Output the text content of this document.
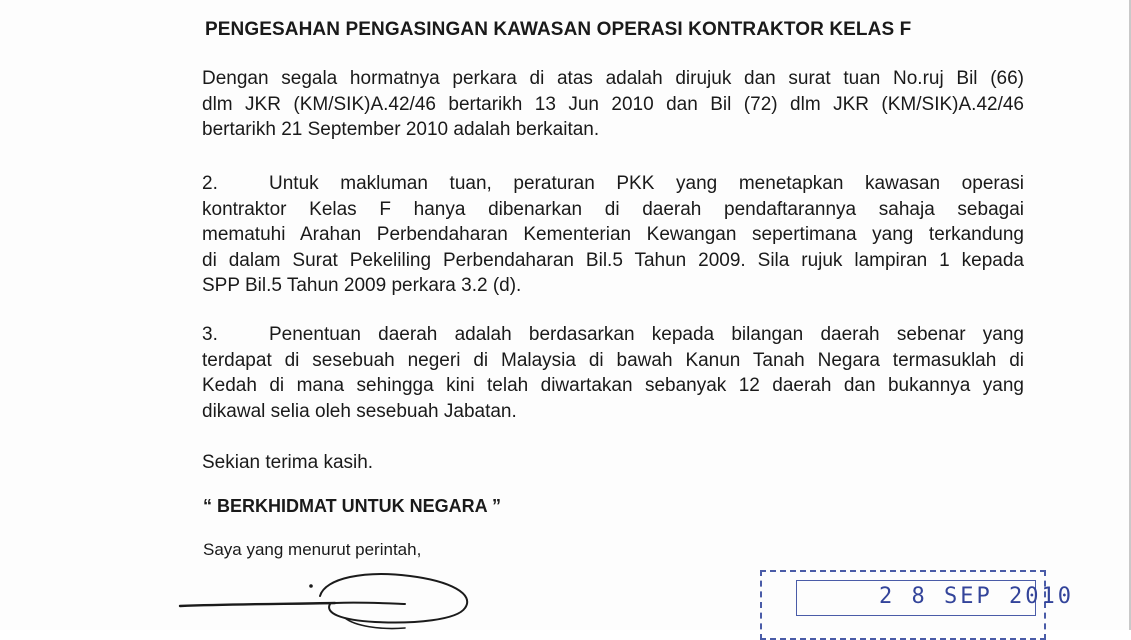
PENGESAHAN PENGASINGAN KAWASAN OPERASI KONTRAKTOR KELAS F
Dengan segala hormatnya perkara di atas adalah dirujuk dan surat tuan No.ruj Bil (66)
dlm JKR (KM/SIK)A.42/46 bertarikh 13 Jun 2010 dan Bil (72) dlm JKR (KM/SIK)A.42/46
bertarikh 21 September 2010 adalah berkaitan.
2.	Untuk makluman tuan, peraturan PKK yang menetapkan kawasan operasi
kontraktor Kelas F hanya dibenarkan di daerah pendaftarannya sahaja sebagai
mematuhi Arahan Perbendaharan Kementerian Kewangan sepertimana yang terkandung
di dalam Surat Pekeliling Perbendaharan Bil.5 Tahun 2009. Sila rujuk lampiran 1 kepada
SPP Bil.5 Tahun 2009 perkara 3.2 (d).
3.	Penentuan daerah adalah berdasarkan kepada bilangan daerah sebenar yang
terdapat di sesebuah negeri di Malaysia di bawah Kanun Tanah Negara termasuklah di
Kedah di mana sehingga kini telah diwartakan sebanyak 12 daerah dan bukannya yang
dikawal selia oleh sesebuah Jabatan.
Sekian terima kasih.
“ BERKHIDMAT UNTUK NEGARA ”
Saya yang menurut perintah,
2 8 SEP 2010
